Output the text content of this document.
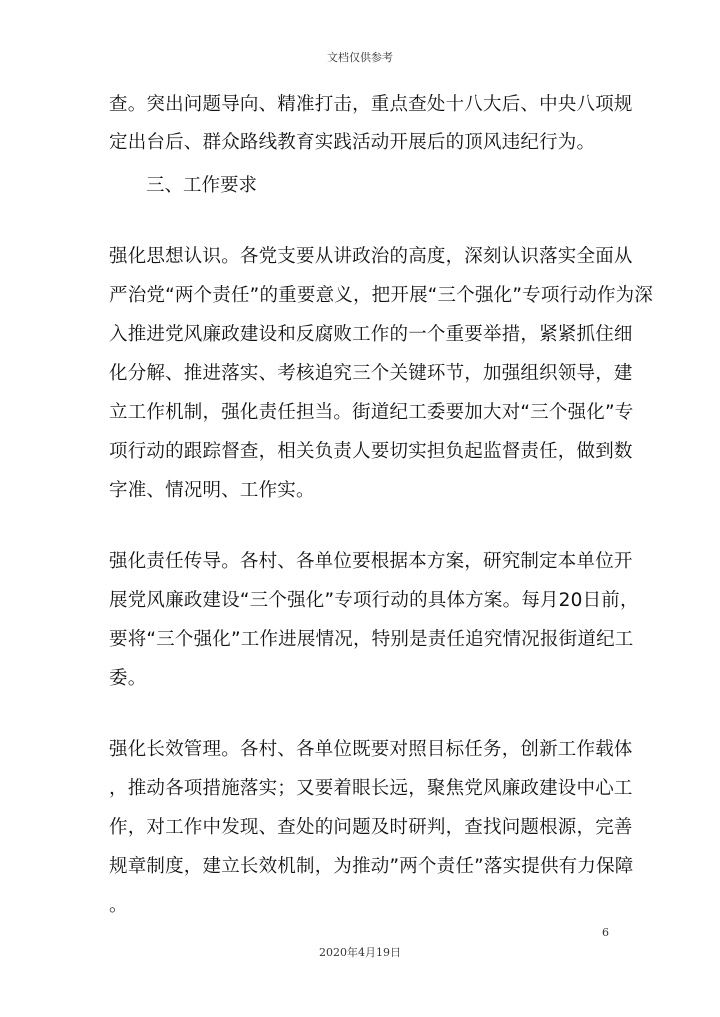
文档仅供参考
查。突出问题导向、精准打击，重点查处十八大后、中央八项规
定出台后、群众路线教育实践活动开展后的顶风违纪行为。
三、工作要求
强化思想认识。各党支要从讲政治的高度，深刻认识落实全面从
严治党“两个责任”的重要意义，把开展“三个强化”专项行动作为深
入推进党风廉政建设和反腐败工作的一个重要举措，紧紧抓住细
化分解、推进落实、考核追究三个关键环节，加强组织领导，建
立工作机制，强化责任担当。街道纪工委要加大对“三个强化”专
项行动的跟踪督查，相关负责人要切实担负起监督责任，做到数
字准、情况明、工作实。
强化责任传导。各村、各单位要根据本方案，研究制定本单位开
展党风廉政建设“三个强化”专项行动的具体方案。每月20日前，
要将“三个强化”工作进展情况，特别是责任追究情况报街道纪工
委。
强化长效管理。各村、各单位既要对照目标任务，创新工作载体
，推动各项措施落实；又要着眼长远，聚焦党风廉政建设中心工
作，对工作中发现、查处的问题及时研判，查找问题根源，完善
规章制度，建立长效机制，为推动”两个责任”落实提供有力保障
。
6
2020年4月19日
